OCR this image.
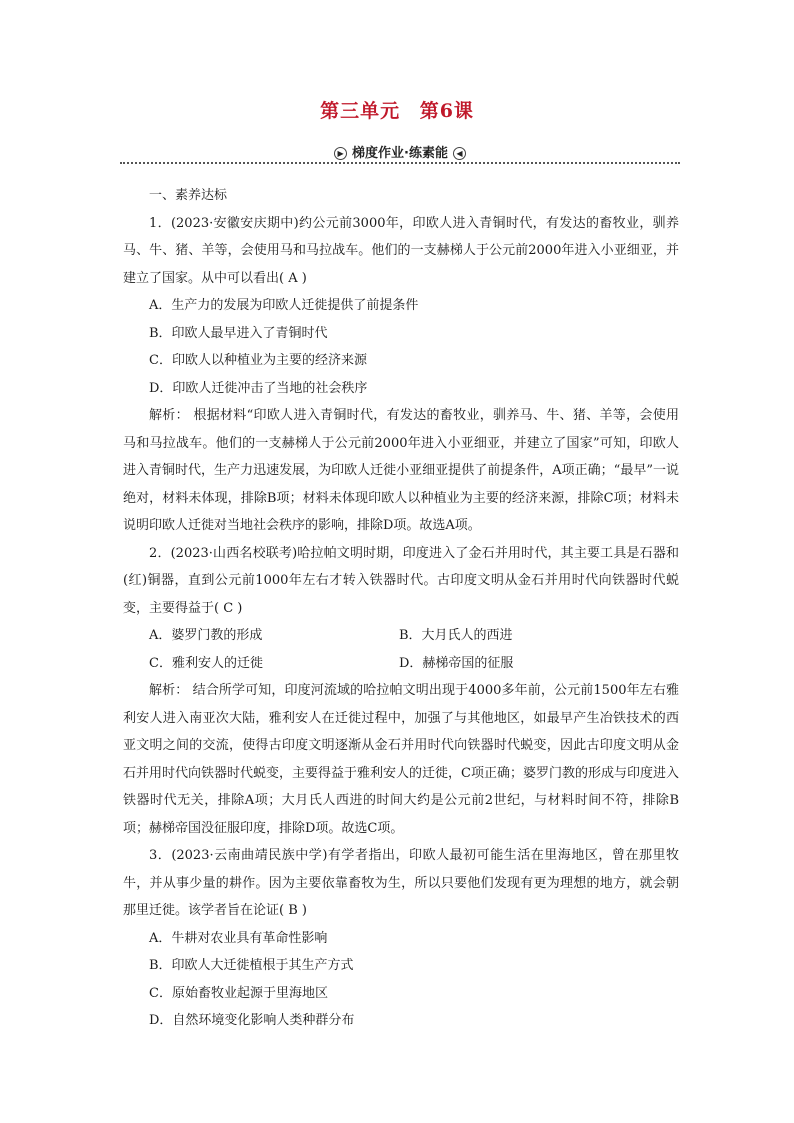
第三单元 第6课
▶ 梯度作业·练素能 ◀

一、素养达标

1．(2023·安徽安庆期中)约公元前3000年，印欧人进入青铜时代，有发达的畜牧业，驯养马、牛、猪、羊等，会使用马和马拉战车。他们的一支赫梯人于公元前2000年进入小亚细亚，并建立了国家。从中可以看出( A )

A．生产力的发展为印欧人迁徙提供了前提条件

B．印欧人最早进入了青铜时代

C．印欧人以种植业为主要的经济来源

D．印欧人迁徙冲击了当地的社会秩序

解析： 根据材料“印欧人进入青铜时代，有发达的畜牧业，驯养马、牛、猪、羊等，会使用马和马拉战车。他们的一支赫梯人于公元前2000年进入小亚细亚，并建立了国家”可知，印欧人进入青铜时代，生产力迅速发展，为印欧人迁徙小亚细亚提供了前提条件，A项正确；“最早”一说绝对，材料未体现，排除B项；材料未体现印欧人以种植业为主要的经济来源，排除C项；材料未说明印欧人迁徙对当地社会秩序的影响，排除D项。故选A项。

2．(2023·山西名校联考)哈拉帕文明时期，印度进入了金石并用时代，其主要工具是石器和(红)铜器，直到公元前1000年左右才转入铁器时代。古印度文明从金石并用时代向铁器时代蜕变，主要得益于( C )

A．婆罗门教的形成	B．大月氏人的西进

C．雅利安人的迁徙	D．赫梯帝国的征服

解析： 结合所学可知，印度河流域的哈拉帕文明出现于4000多年前，公元前1500年左右雅利安人进入南亚次大陆，雅利安人在迁徙过程中，加强了与其他地区，如最早产生冶铁技术的西亚文明之间的交流，使得古印度文明逐渐从金石并用时代向铁器时代蜕变，因此古印度文明从金石并用时代向铁器时代蜕变，主要得益于雅利安人的迁徙，C项正确；婆罗门教的形成与印度进入铁器时代无关，排除A项；大月氏人西进的时间大约是公元前2世纪，与材料时间不符，排除B项；赫梯帝国没征服印度，排除D项。故选C项。

3．(2023·云南曲靖民族中学)有学者指出，印欧人最初可能生活在里海地区，曾在那里牧牛，并从事少量的耕作。因为主要依靠畜牧为生，所以只要他们发现有更为理想的地方，就会朝那里迁徙。该学者旨在论证( B )

A．牛耕对农业具有革命性影响

B．印欧人大迁徙植根于其生产方式

C．原始畜牧业起源于里海地区

D．自然环境变化影响人类种群分布
